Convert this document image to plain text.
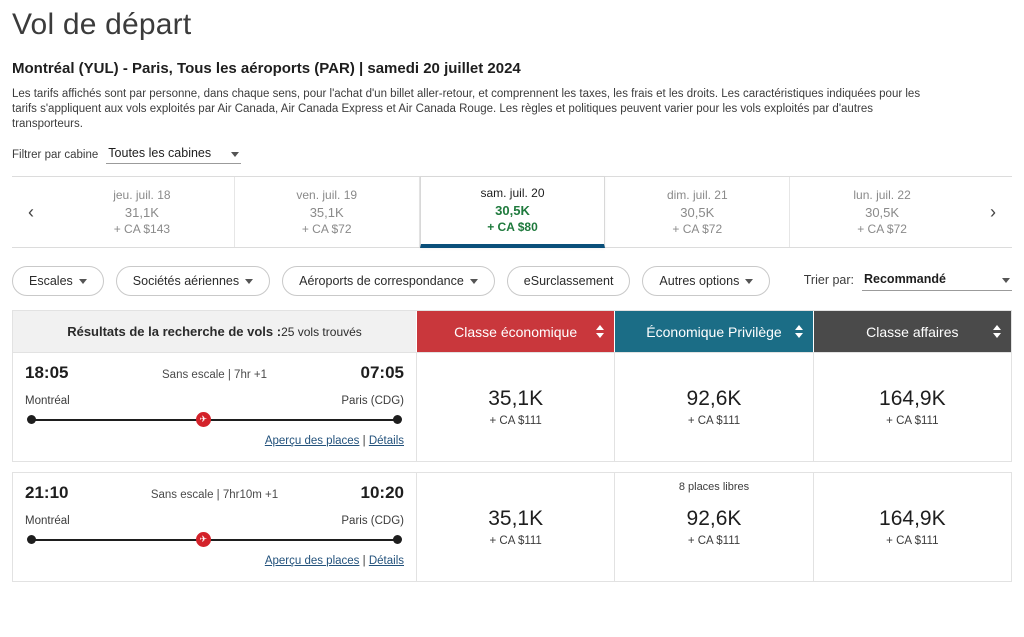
Vol de départ
Montréal (YUL) - Paris, Tous les aéroports (PAR) | samedi 20 juillet 2024
Les tarifs affichés sont par personne, dans chaque sens, pour l'achat d'un billet aller-retour, et comprennent les taxes, les frais et les droits. Les caractéristiques indiquées pour les tarifs s'appliquent aux vols exploités par Air Canada, Air Canada Express et Air Canada Rouge. Les règles et politiques peuvent varier pour les vols exploités par d'autres transporteurs.
Filtrer par cabine Toutes les cabines
‹
jeu. juil. 18
31,1K
+ CA $143
ven. juil. 19
35,1K
+ CA $72
sam. juil. 20
30,5K
+ CA $80
dim. juil. 21
30,5K
+ CA $72
lun. juil. 22
30,5K
+ CA $72
›
Escales	Sociétés aériennes	Aéroports de correspondance	eSurclassement	Autres options	Trier par: Recommandé
Résultats de la recherche de vols : 25 vols trouvés	Classe économique	Économique Privilège	Classe affaires
18:05	Sans escale | 7hr +1	07:05
Montréal	Paris (CDG)
✈
Aperçu des places | Détails
35,1K
+ CA $111
92,6K
+ CA $111
164,9K
+ CA $111
21:10	Sans escale | 7hr10m +1	10:20
Montréal	Paris (CDG)
✈
Aperçu des places | Détails
35,1K
+ CA $111
8 places libres
92,6K
+ CA $111
164,9K
+ CA $111
